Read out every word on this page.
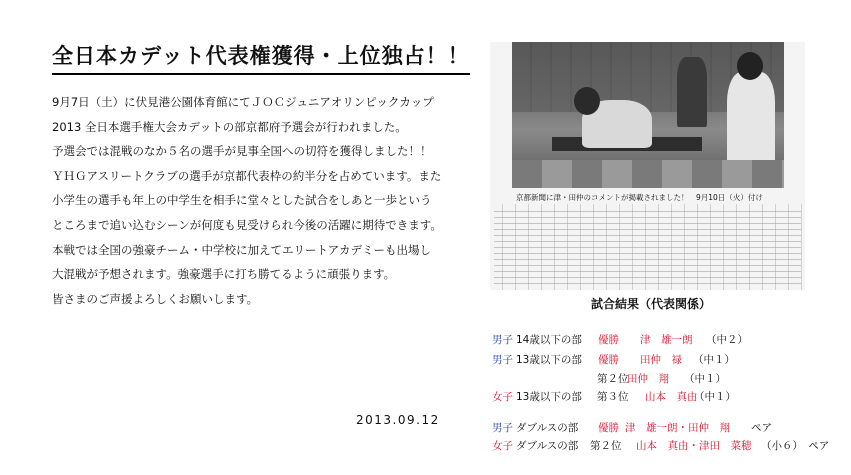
全日本カデット代表権獲得・上位独占！！
9月7日（土）に伏見港公園体育館にてＪＯＣジュニアオリンピックカップ
2013 全日本選手権大会カデットの部京都府予選会が行われました。
予選会では混戦のなか５名の選手が見事全国への切符を獲得しました！！
ＹＨＧアスリートクラブの選手が京都代表枠の約半分を占めています。また
小学生の選手も年上の中学生を相手に堂々とした試合をしあと一歩という
ところまで追い込むシーンが何度も見受けられ今後の活躍に期待できます。
本戦では全国の強豪チーム・中学校に加えてエリートアカデミーも出場し
大混戦が予想されます。強豪選手に打ち勝てるように頑張ります。
皆さまのご声援よろしくお願いします。
2013.09.12
京都新聞に津・田仲のコメントが掲載されました！　9月10日（火）付け
試合結果（代表関係）
男子 14歳以下の部 優勝 津　雄一朗 （中２）
男子 13歳以下の部 優勝 田仲　禄 （中１）
第２位
田仲　翔 （中１）
女子 13歳以下の部 第３位 山本　真由
（中１）
男子 ダブルスの部 優勝 津　雄一朗・田仲　翔 ペア
女子 ダブルスの部 第２位 山本　真由・津田　菜穂 （小６）　ペア
